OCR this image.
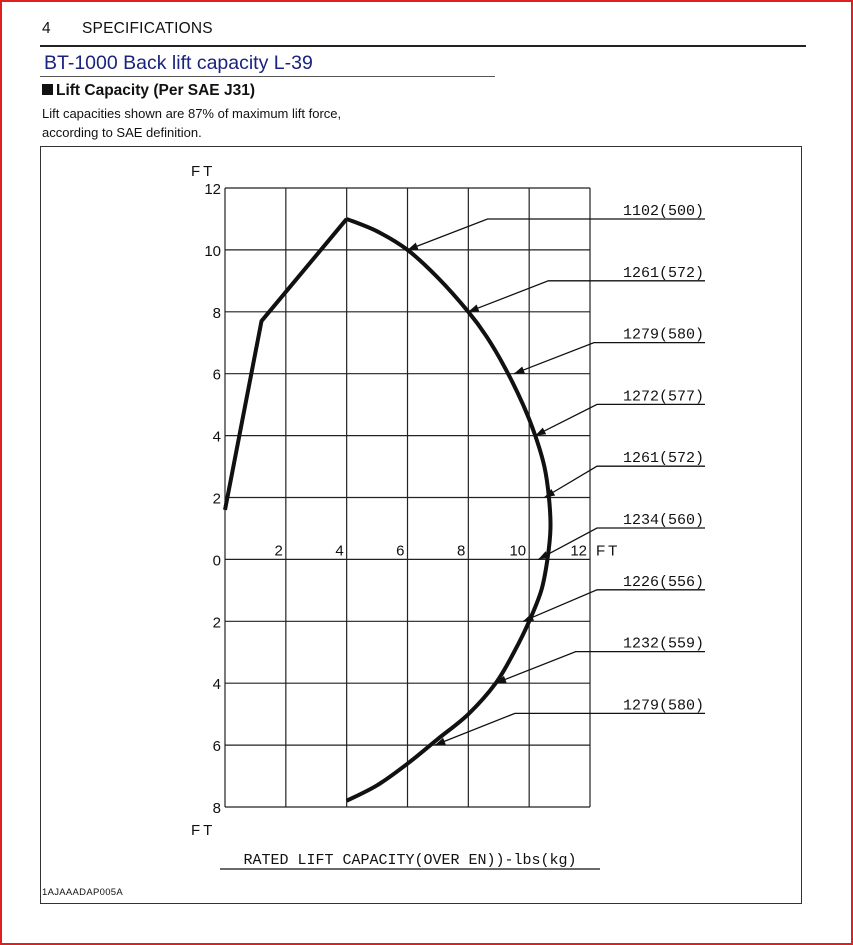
4 SPECIFICATIONS
BT-1000 Back lift capacity L-39
Lift Capacity (Per SAE J31)
Lift capacities shown are 87% of maximum lift force,
according to SAE definition.
12
10
8
6
4
2
0
2
4
6
8
2	4	6	8	10	12
FT
FT
FT
1102(500)
1261(572)
1279(580)
1272(577)
1261(572)
1234(560)
1226(556)
1232(559)
1279(580)
RATED LIFT CAPACITY(OVER EN))-lbs(kg)
1AJAAADAP005A
